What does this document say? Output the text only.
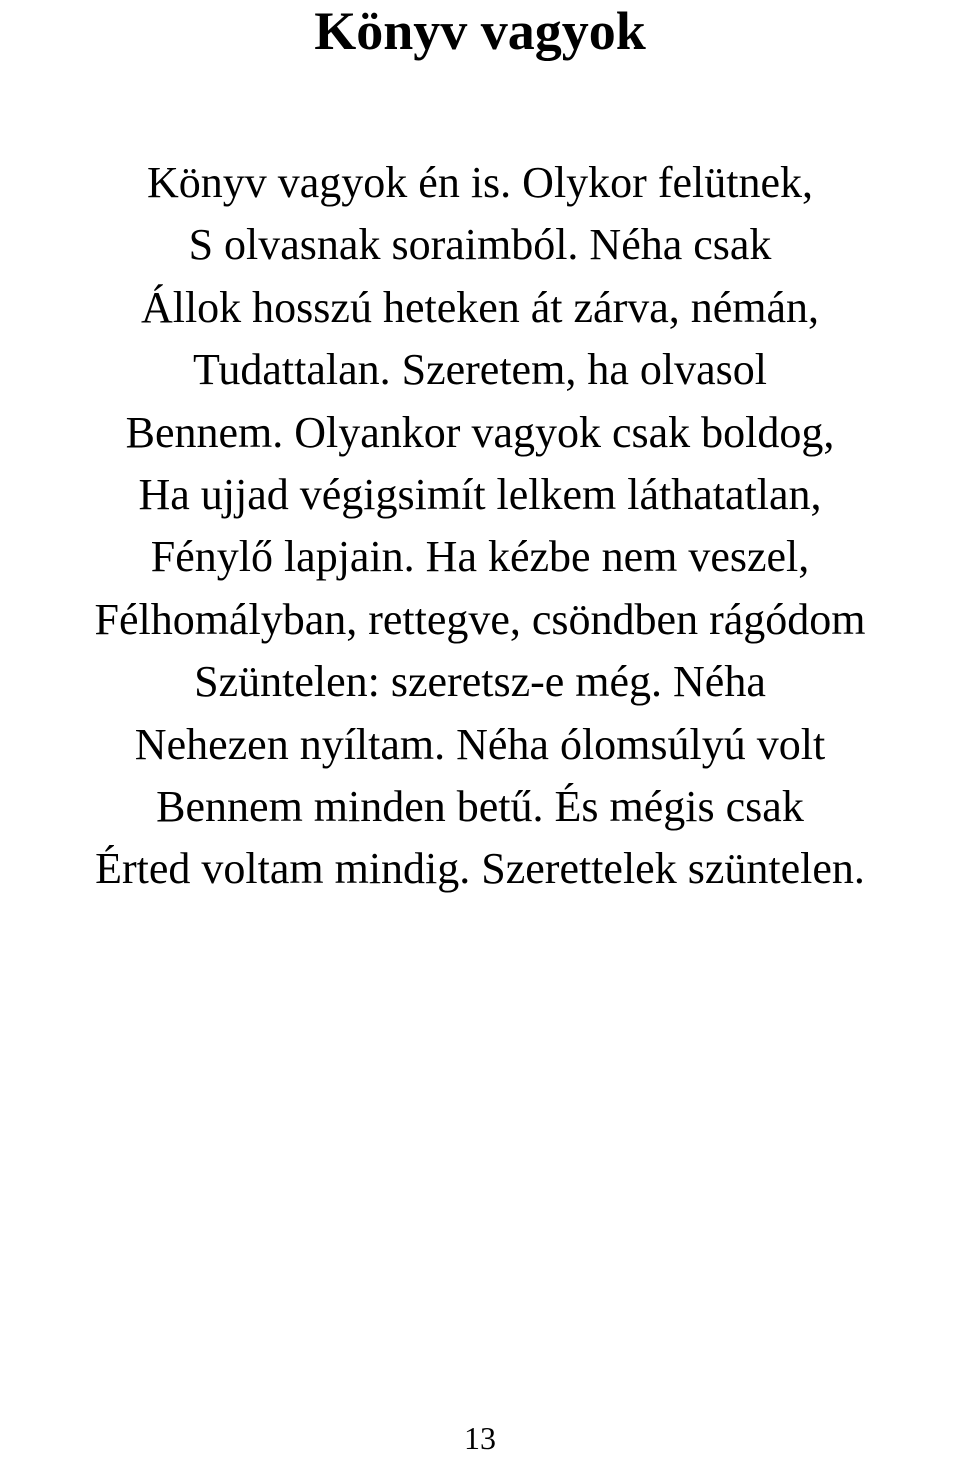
Könyv vagyok
Könyv vagyok én is. Olykor felütnek,
S olvasnak soraimból. Néha csak
Állok hosszú heteken át zárva, némán,
Tudattalan. Szeretem, ha olvasol
Bennem. Olyankor vagyok csak boldog,
Ha ujjad végigsimít lelkem láthatatlan,
Fénylő lapjain. Ha kézbe nem veszel,
Félhomályban, rettegve, csöndben rágódom
Szüntelen: szeretsz-e még. Néha
Nehezen nyíltam. Néha ólomsúlyú volt
Bennem minden betű. És mégis csak
Érted voltam mindig. Szerettelek szüntelen.
13
